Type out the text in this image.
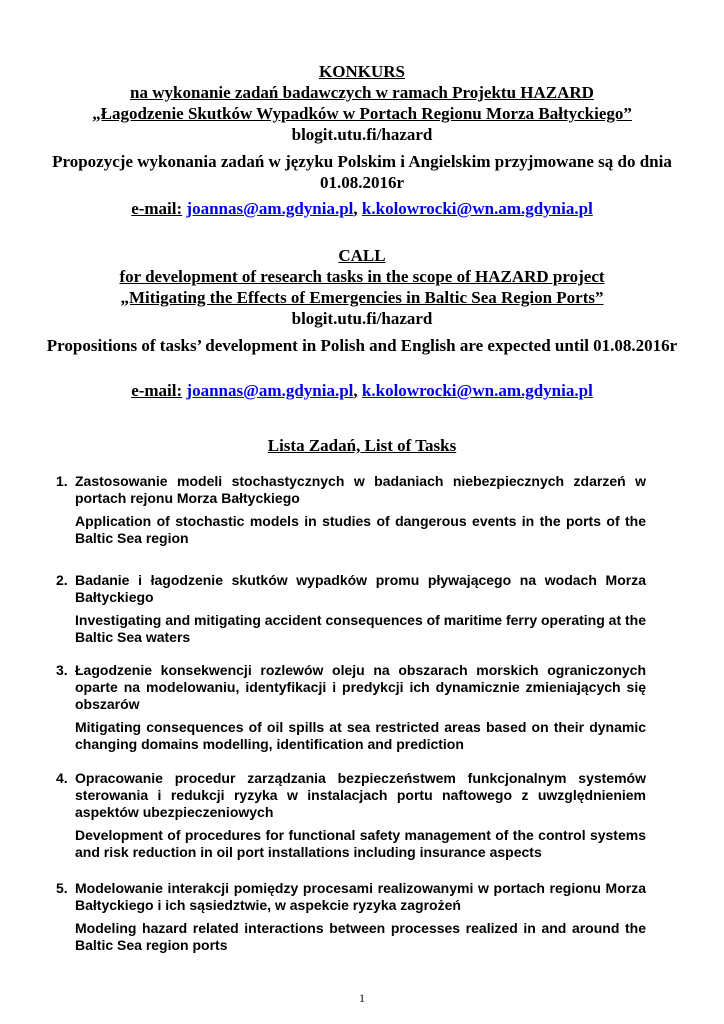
KONKURS
na wykonanie zadań badawczych w ramach Projektu HAZARD
„Łagodzenie Skutków Wypadków w Portach Regionu Morza Bałtyckiego”
blogit.utu.fi/hazard
Propozycje wykonania zadań w języku Polskim i Angielskim przyjmowane są do dnia 01.08.2016r
e-mail: joannas@am.gdynia.pl, k.kolowrocki@wn.am.gdynia.pl
CALL
for development of research tasks in the scope of HAZARD project
„Mitigating the Effects of Emergencies in Baltic Sea Region Ports”
blogit.utu.fi/hazard
Propositions of tasks’ development in Polish and English are expected until 01.08.2016r
e-mail: joannas@am.gdynia.pl, k.kolowrocki@wn.am.gdynia.pl
Lista Zadań, List of Tasks
1. Zastosowanie modeli stochastycznych w badaniach niebezpiecznych zdarzeń w portach rejonu Morza Bałtyckiego
Application of stochastic models in studies of dangerous events in the ports of the Baltic Sea region
2. Badanie i łagodzenie skutków wypadków promu pływającego na wodach Morza Bałtyckiego
Investigating and mitigating accident consequences of maritime ferry operating at the Baltic Sea waters
3. Łagodzenie konsekwencji rozlewów oleju na obszarach morskich ograniczonych oparte na modelowaniu, identyfikacji i predykcji ich dynamicznie zmieniających się obszarów
Mitigating consequences of oil spills at sea restricted areas based on their dynamic changing domains modelling, identification and prediction
4. Opracowanie procedur zarządzania bezpieczeństwem funkcjonalnym systemów sterowania i redukcji ryzyka w instalacjach portu naftowego z uwzględnieniem aspektów ubezpieczeniowych
Development of procedures for functional safety management of the control systems and risk reduction in oil port installations including insurance aspects
5. Modelowanie interakcji pomiędzy procesami realizowanymi w portach regionu Morza Bałtyckiego i ich sąsiedztwie, w aspekcie ryzyka zagrożeń
Modeling hazard related interactions between processes realized in and around the Baltic Sea region ports
1
